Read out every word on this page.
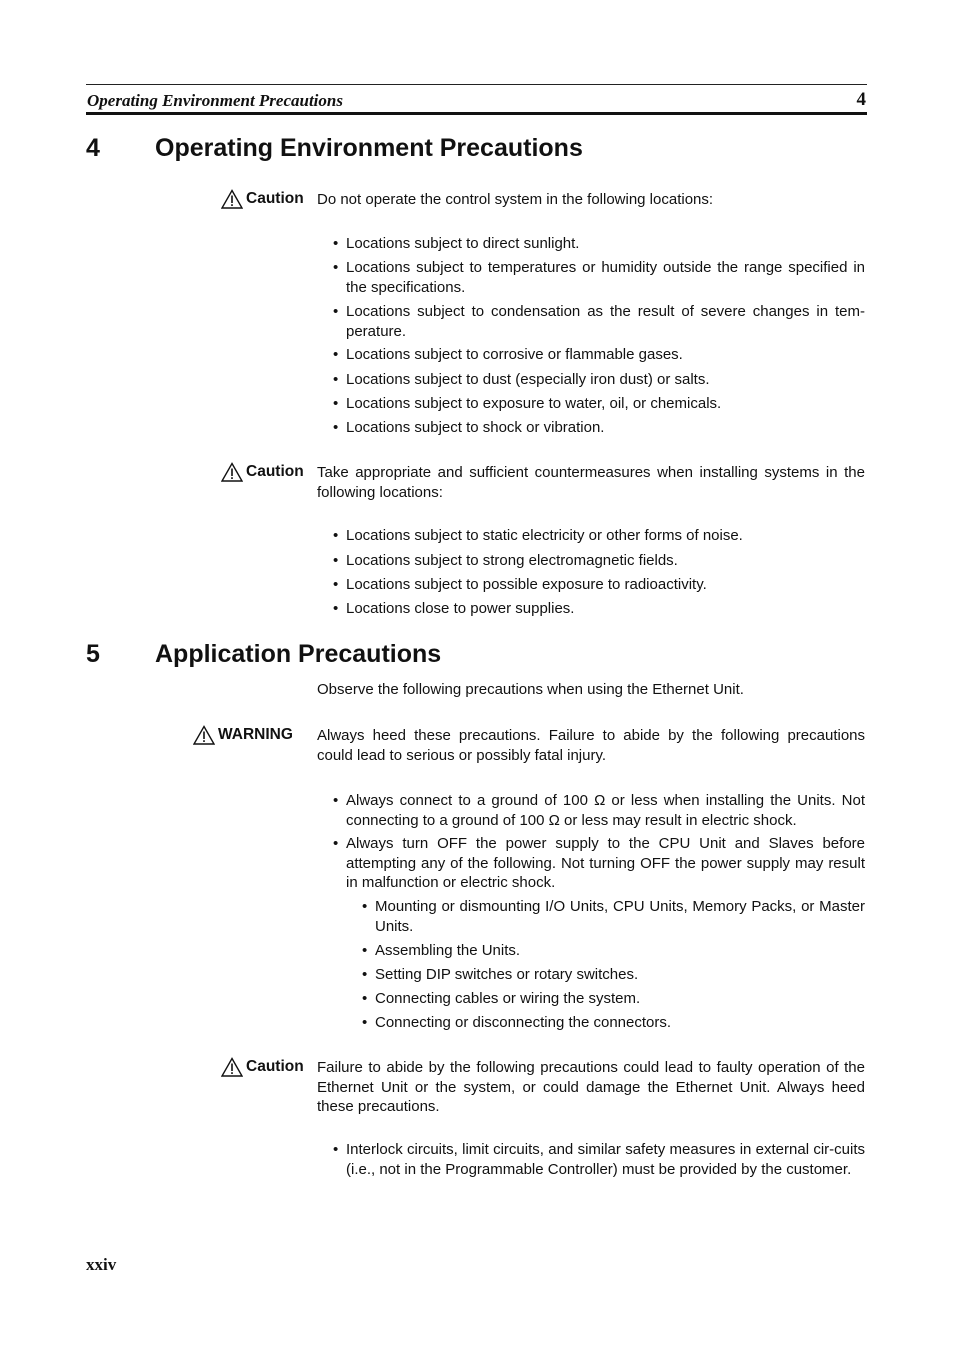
Operating Environment Precautions	4
4 Operating Environment Precautions
Caution Do not operate the control system in the following locations:
• Locations subject to direct sunlight.
• Locations subject to temperatures or humidity outside the range specified in the specifications.
• Locations subject to condensation as the result of severe changes in tem-perature.
• Locations subject to corrosive or flammable gases.
• Locations subject to dust (especially iron dust) or salts.
• Locations subject to exposure to water, oil, or chemicals.
• Locations subject to shock or vibration.
Caution Take appropriate and sufficient countermeasures when installing systems in the following locations:
• Locations subject to static electricity or other forms of noise.
• Locations subject to strong electromagnetic fields.
• Locations subject to possible exposure to radioactivity.
• Locations close to power supplies.
5 Application Precautions
Observe the following precautions when using the Ethernet Unit.
WARNING Always heed these precautions. Failure to abide by the following precautions could lead to serious or possibly fatal injury.
• Always connect to a ground of 100 Ω or less when installing the Units. Not connecting to a ground of 100 Ω or less may result in electric shock.
• Always turn OFF the power supply to the CPU Unit and Slaves before attempting any of the following. Not turning OFF the power supply may result in malfunction or electric shock.
• Mounting or dismounting I/O Units, CPU Units, Memory Packs, or Master Units.
• Assembling the Units.
• Setting DIP switches or rotary switches.
• Connecting cables or wiring the system.
• Connecting or disconnecting the connectors.
Caution Failure to abide by the following precautions could lead to faulty operation of the Ethernet Unit or the system, or could damage the Ethernet Unit. Always heed these precautions.
• Interlock circuits, limit circuits, and similar safety measures in external cir-cuits (i.e., not in the Programmable Controller) must be provided by the customer.
xxiv
